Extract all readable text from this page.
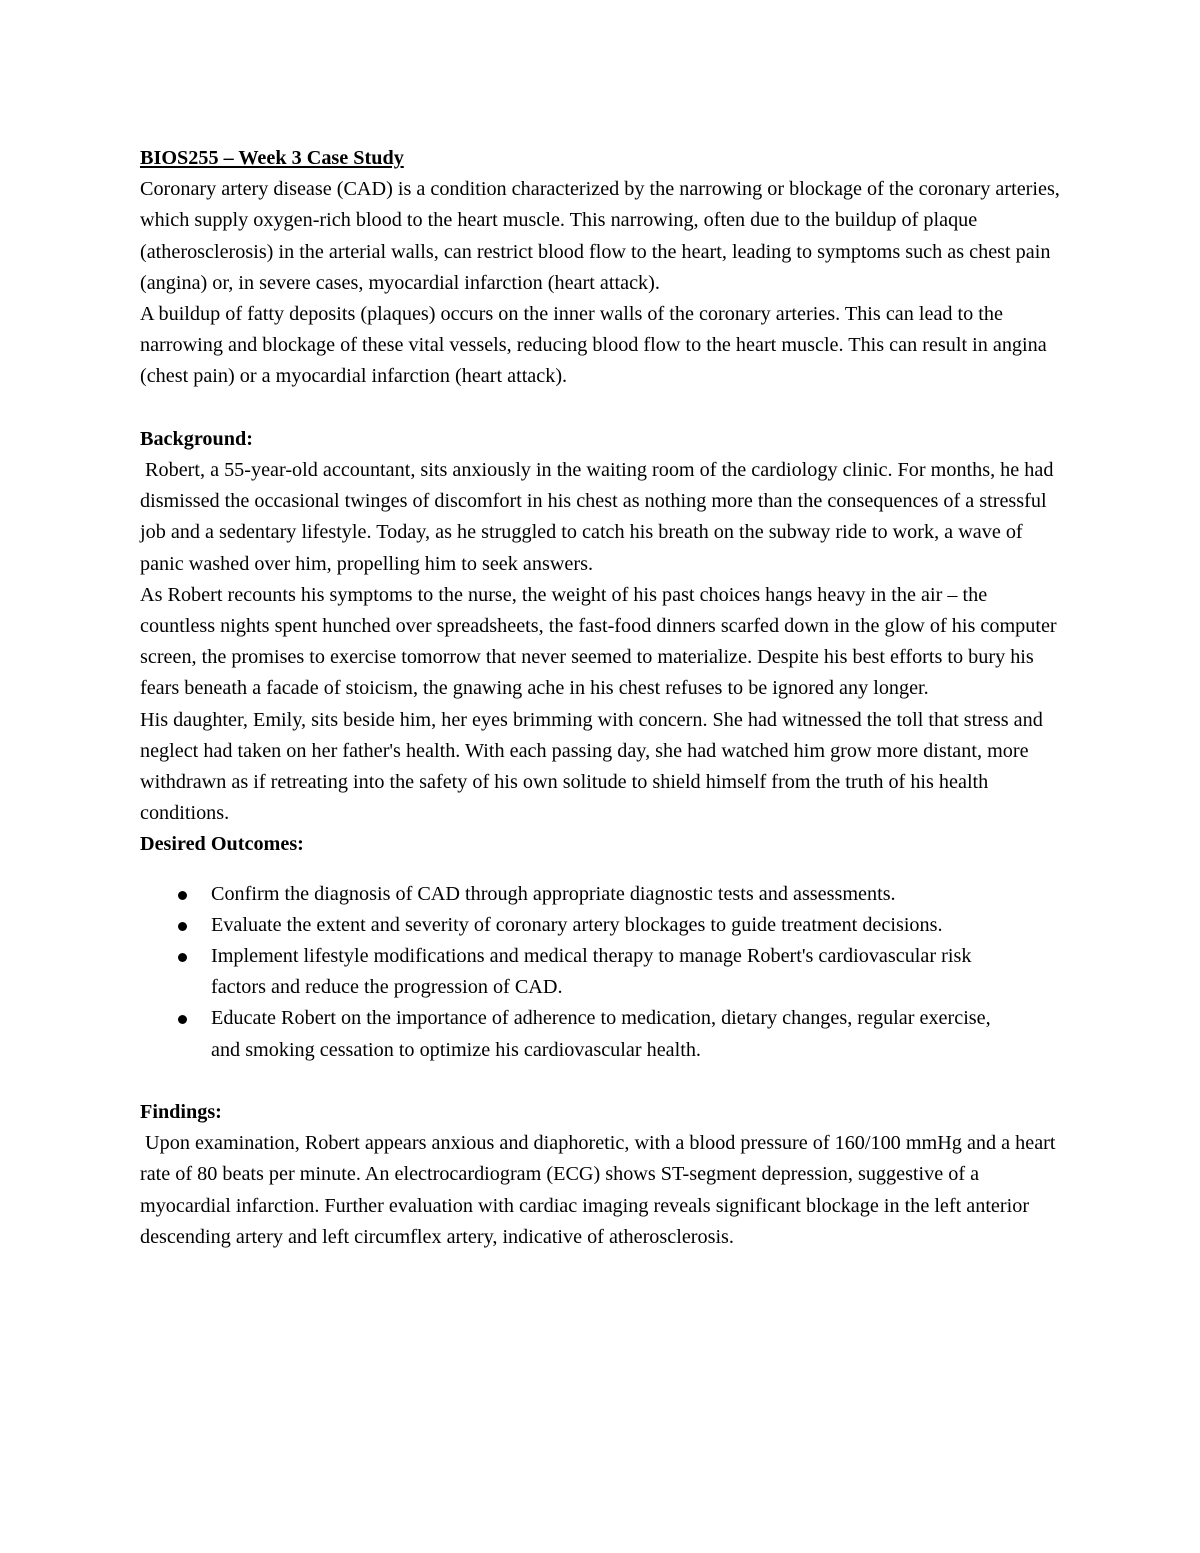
BIOS255 – Week 3 Case Study

Coronary artery disease (CAD) is a condition characterized by the narrowing or blockage of the coronary arteries, which supply oxygen-rich blood to the heart muscle. This narrowing, often due to the buildup of plaque (atherosclerosis) in the arterial walls, can restrict blood flow to the heart, leading to symptoms such as chest pain (angina) or, in severe cases, myocardial infarction (heart attack).

A buildup of fatty deposits (plaques) occurs on the inner walls of the coronary arteries. This can lead to the narrowing and blockage of these vital vessels, reducing blood flow to the heart muscle. This can result in angina (chest pain) or a myocardial infarction (heart attack).

Background:

Robert, a 55-year-old accountant, sits anxiously in the waiting room of the cardiology clinic. For months, he had dismissed the occasional twinges of discomfort in his chest as nothing more than the consequences of a stressful job and a sedentary lifestyle. Today, as he struggled to catch his breath on the subway ride to work, a wave of panic washed over him, propelling him to seek answers.

As Robert recounts his symptoms to the nurse, the weight of his past choices hangs heavy in the air – the countless nights spent hunched over spreadsheets, the fast-food dinners scarfed down in the glow of his computer screen, the promises to exercise tomorrow that never seemed to materialize. Despite his best efforts to bury his fears beneath a facade of stoicism, the gnawing ache in his chest refuses to be ignored any longer.

His daughter, Emily, sits beside him, her eyes brimming with concern. She had witnessed the toll that stress and neglect had taken on her father's health. With each passing day, she had watched him grow more distant, more withdrawn as if retreating into the safety of his own solitude to shield himself from the truth of his health conditions.

Desired Outcomes:

Confirm the diagnosis of CAD through appropriate diagnostic tests and assessments.
Evaluate the extent and severity of coronary artery blockages to guide treatment decisions.
Implement lifestyle modifications and medical therapy to manage Robert's cardiovascular risk factors and reduce the progression of CAD.
Educate Robert on the importance of adherence to medication, dietary changes, regular exercise, and smoking cessation to optimize his cardiovascular health.

Findings:

Upon examination, Robert appears anxious and diaphoretic, with a blood pressure of 160/100 mmHg and a heart rate of 80 beats per minute. An electrocardiogram (ECG) shows ST-segment depression, suggestive of a myocardial infarction. Further evaluation with cardiac imaging reveals significant blockage in the left anterior descending artery and left circumflex artery, indicative of atherosclerosis.
